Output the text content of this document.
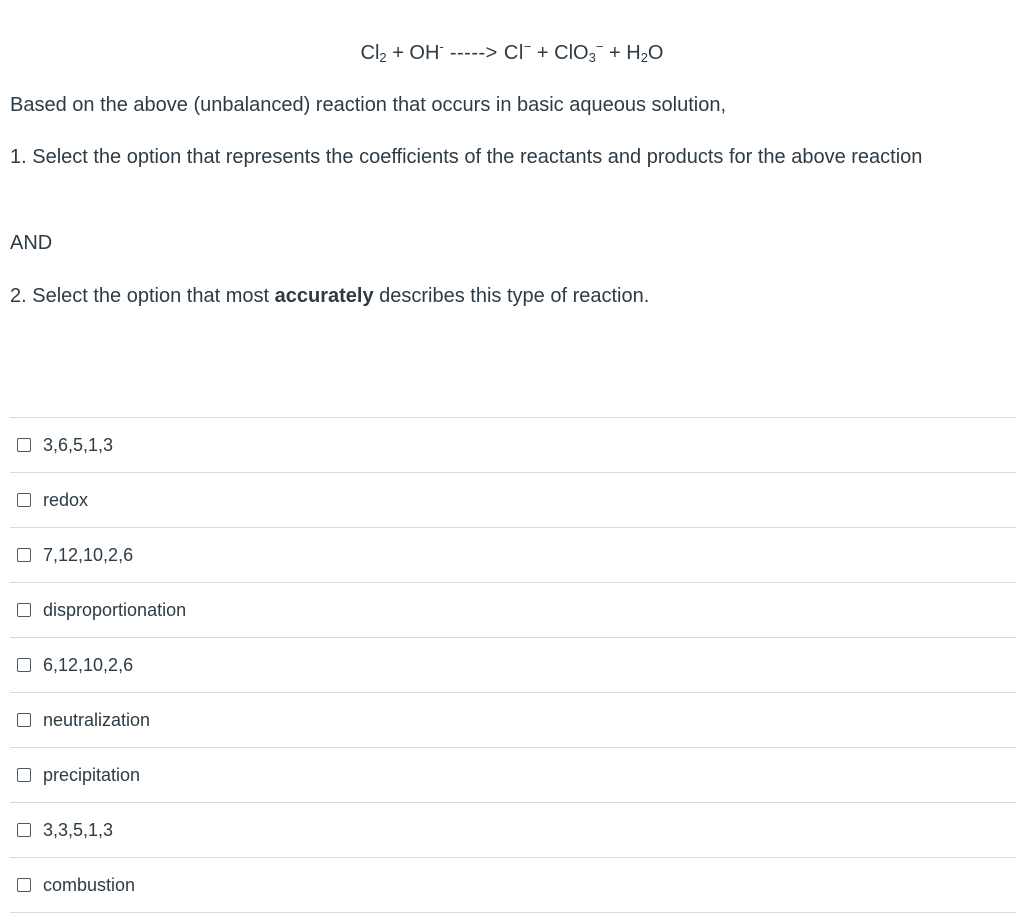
$Cl_2 + OH^-$ -----> $Cl^- + ClO_3^- + H_2O$
Based on the above (unbalanced) reaction that occurs in basic aqueous solution,
1. Select the option that represents the coefficients of the reactants and products for the above reaction
AND
2. Select the option that most accurately describes this type of reaction.
3,6,5,1,3
redox
7,12,10,2,6
disproportionation
6,12,10,2,6
neutralization
precipitation
3,3,5,1,3
combustion
